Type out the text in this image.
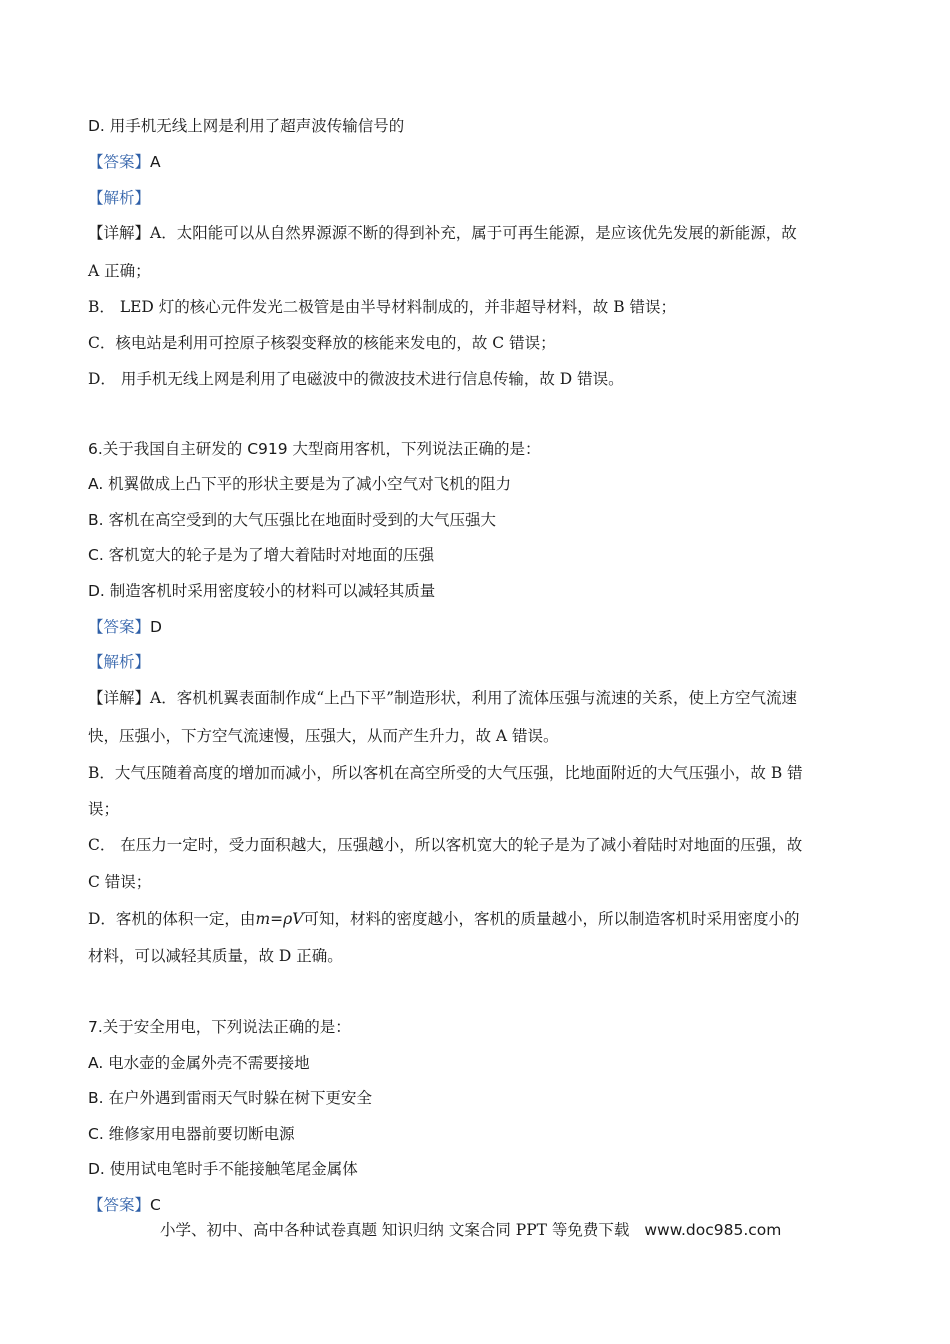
D. 用手机无线上网是利用了超声波传输信号的
【答案】A
【解析】
【详解】A．太阳能可以从自然界源源不断的得到补充，属于可再生能源，是应该优先发展的新能源，故
A 正确；
B． LED 灯的核心元件发光二极管是由半导材料制成的，并非超导材料，故 B 错误；
C．核电站是利用可控原子核裂变释放的核能来发电的，故 C 错误；
D． 用手机无线上网是利用了电磁波中的微波技术进行信息传输，故 D 错误。
6.关于我国自主研发的 C919 大型商用客机，下列说法正确的是：
A. 机翼做成上凸下平的形状主要是为了减小空气对飞机的阻力
B. 客机在高空受到的大气压强比在地面时受到的大气压强大
C. 客机宽大的轮子是为了增大着陆时对地面的压强
D. 制造客机时采用密度较小的材料可以减轻其质量
【答案】D
【解析】
【详解】A．客机机翼表面制作成“上凸下平”制造形状，利用了流体压强与流速的关系，使上方空气流速
快，压强小，下方空气流速慢，压强大，从而产生升力，故 A 错误。
B．大气压随着高度的增加而减小，所以客机在高空所受的大气压强，比地面附近的大气压强小，故 B 错
误；
C． 在压力一定时，受力面积越大，压强越小，所以客机宽大的轮子是为了减小着陆时对地面的压强，故
C 错误；
D．客机的体积一定，由m=ρV可知，材料的密度越小，客机的质量越小，所以制造客机时采用密度小的
材料，可以减轻其质量，故 D 正确。
7.关于安全用电，下列说法正确的是：
A. 电水壶的金属外壳不需要接地
B. 在户外遇到雷雨天气时躲在树下更安全
C. 维修家用电器前要切断电源
D. 使用试电笔时手不能接触笔尾金属体
【答案】C
小学、初中、高中各种试卷真题 知识归纳 文案合同 PPT 等免费下载 www.doc985.com
